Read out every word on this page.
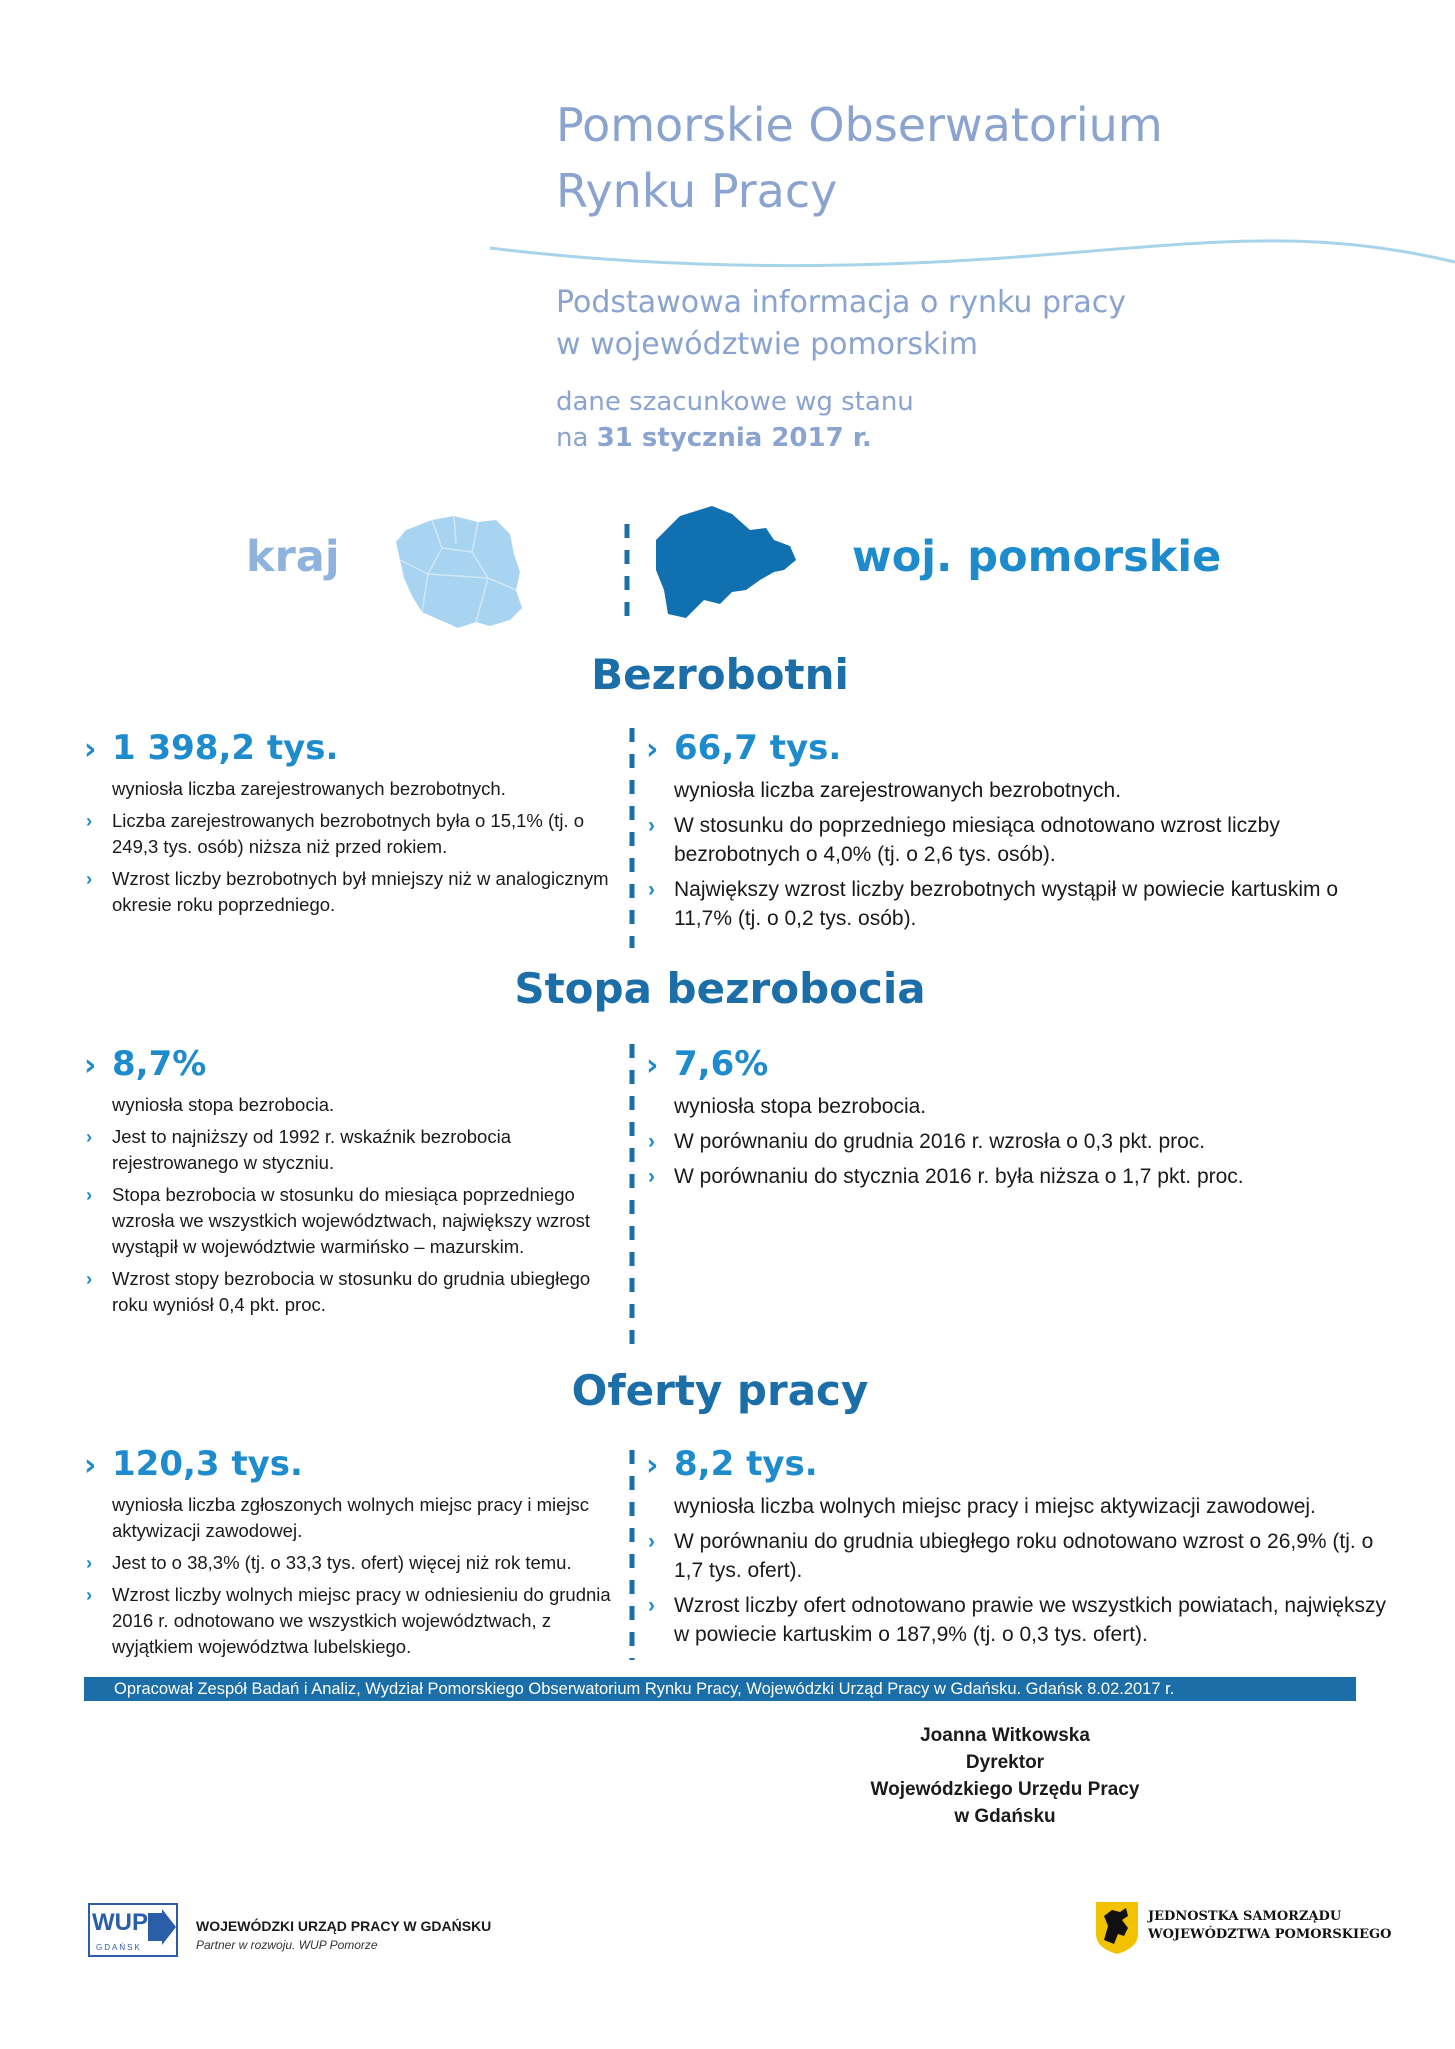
Pomorskie Obserwatorium
Rynku Pracy
Podstawowa informacja o rynku pracy
w województwie pomorskim
dane szacunkowe wg stanu
na 31 stycznia 2017 r.
kraj	woj. pomorskie
Bezrobotni
› 1 398,2 tys.
wyniosła liczba zarejestrowanych bezrobotnych.
› Liczba zarejestrowanych bezrobotnych była o 15,1% (tj. o 249,3 tys. osób) niższa niż przed rokiem.
› Wzrost liczby bezrobotnych był mniejszy niż w analogicznym okresie roku poprzedniego.
› 66,7 tys.
wyniosła liczba zarejestrowanych bezrobotnych.
› W stosunku do poprzedniego miesiąca odnotowano wzrost liczby bezrobotnych o 4,0% (tj. o 2,6 tys. osób).
› Największy wzrost liczby bezrobotnych wystąpił w powiecie kartuskim o 11,7% (tj. o 0,2 tys. osób).
Stopa bezrobocia
› 8,7%
wyniosła stopa bezrobocia.
› Jest to najniższy od 1992 r. wskaźnik bezrobocia rejestrowanego w styczniu.
› Stopa bezrobocia w stosunku do miesiąca poprzedniego wzrosła we wszystkich województwach, największy wzrost wystąpił w województwie warmińsko – mazurskim.
› Wzrost stopy bezrobocia w stosunku do grudnia ubiegłego roku wyniósł 0,4 pkt. proc.
› 7,6%
wyniosła stopa bezrobocia.
› W porównaniu do grudnia 2016 r. wzrosła o 0,3 pkt. proc.
› W porównaniu do stycznia 2016 r. była niższa o 1,7 pkt. proc.
Oferty pracy
› 120,3 tys.
wyniosła liczba zgłoszonych wolnych miejsc pracy i miejsc aktywizacji zawodowej.
› Jest to o 38,3% (tj. o 33,3 tys. ofert) więcej niż rok temu.
› Wzrost liczby wolnych miejsc pracy w odniesieniu do grudnia 2016 r. odnotowano we wszystkich województwach, z wyjątkiem województwa lubelskiego.
› 8,2 tys.
wyniosła liczba wolnych miejsc pracy i miejsc aktywizacji zawodowej.
› W porównaniu do grudnia ubiegłego roku odnotowano wzrost o 26,9% (tj. o 1,7 tys. ofert).
› Wzrost liczby ofert odnotowano prawie we wszystkich powiatach, największy w powiecie kartuskim o 187,9% (tj. o 0,3 tys. ofert).
Opracował Zespół Badań i Analiz, Wydział Pomorskiego Obserwatorium Rynku Pracy, Wojewódzki Urząd Pracy w Gdańsku. Gdańsk 8.02.2017 r.
Joanna Witkowska
Dyrektor
Wojewódzkiego Urzędu Pracy
w Gdańsku
WUP
GDAŃSK
WOJEWÓDZKI URZĄD PRACY W GDAŃSKU
Partner w rozwoju. WUP Pomorze
JEDNOSTKA SAMORZĄDU
WOJEWÓDZTWA POMORSKIEGO
